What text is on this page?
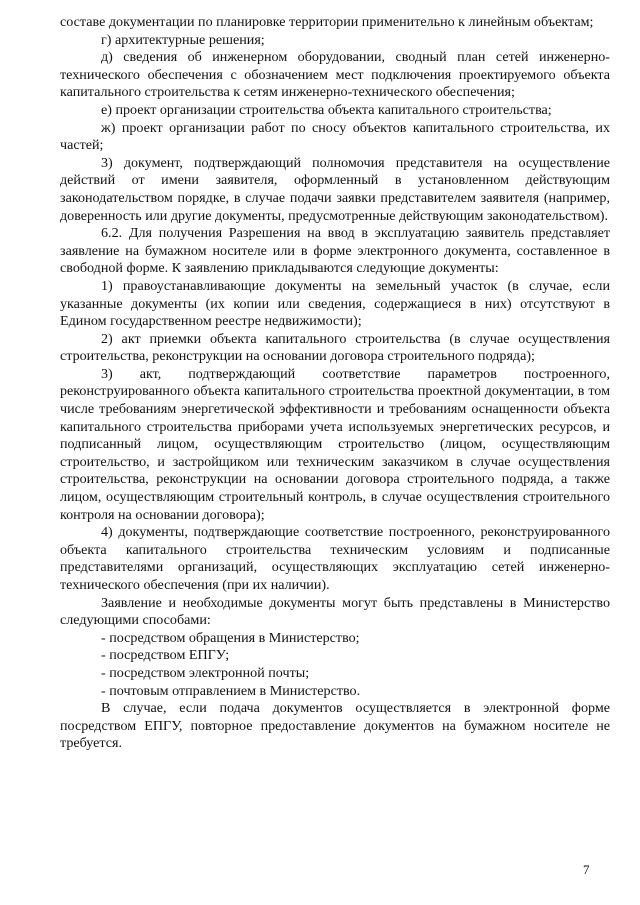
составе документации по планировке территории применительно к линейным объектам;

г) архитектурные решения;

д) сведения об инженерном оборудовании, сводный план сетей инженерно-технического обеспечения с обозначением мест подключения проектируемого объекта капитального строительства к сетям инженерно-технического обеспечения;

е) проект организации строительства объекта капитального строительства;

ж) проект организации работ по сносу объектов капитального строительства, их частей;

3) документ, подтверждающий полномочия представителя на осуществление действий от имени заявителя, оформленный в установленном действующим законодательством порядке, в случае подачи заявки представителем заявителя (например, доверенность или другие документы, предусмотренные действующим законодательством).

6.2. Для получения Разрешения на ввод в эксплуатацию заявитель представляет заявление на бумажном носителе или в форме электронного документа, составленное в свободной форме. К заявлению прикладываются следующие документы:

1) правоустанавливающие документы на земельный участок (в случае, если указанные документы (их копии или сведения, содержащиеся в них) отсутствуют в Едином государственном реестре недвижимости);

2) акт приемки объекта капитального строительства (в случае осуществления строительства, реконструкции на основании договора строительного подряда);

3) акт, подтверждающий соответствие параметров построенного, реконструированного объекта капитального строительства проектной документации, в том числе требованиям энергетической эффективности и требованиям оснащенности объекта капитального строительства приборами учета используемых энергетических ресурсов, и подписанный лицом, осуществляющим строительство (лицом, осуществляющим строительство, и застройщиком или техническим заказчиком в случае осуществления строительства, реконструкции на основании договора строительного подряда, а также лицом, осуществляющим строительный контроль, в случае осуществления строительного контроля на основании договора);

4) документы, подтверждающие соответствие построенного, реконструированного объекта капитального строительства техническим условиям и подписанные представителями организаций, осуществляющих эксплуатацию сетей инженерно-технического обеспечения (при их наличии).

Заявление и необходимые документы могут быть представлены в Министерство следующими способами:

- посредством обращения в Министерство;

- посредством ЕПГУ;

- посредством электронной почты;

- почтовым отправлением в Министерство.

В случае, если подача документов осуществляется в электронной форме посредством ЕПГУ, повторное предоставление документов на бумажном носителе не требуется.

7
